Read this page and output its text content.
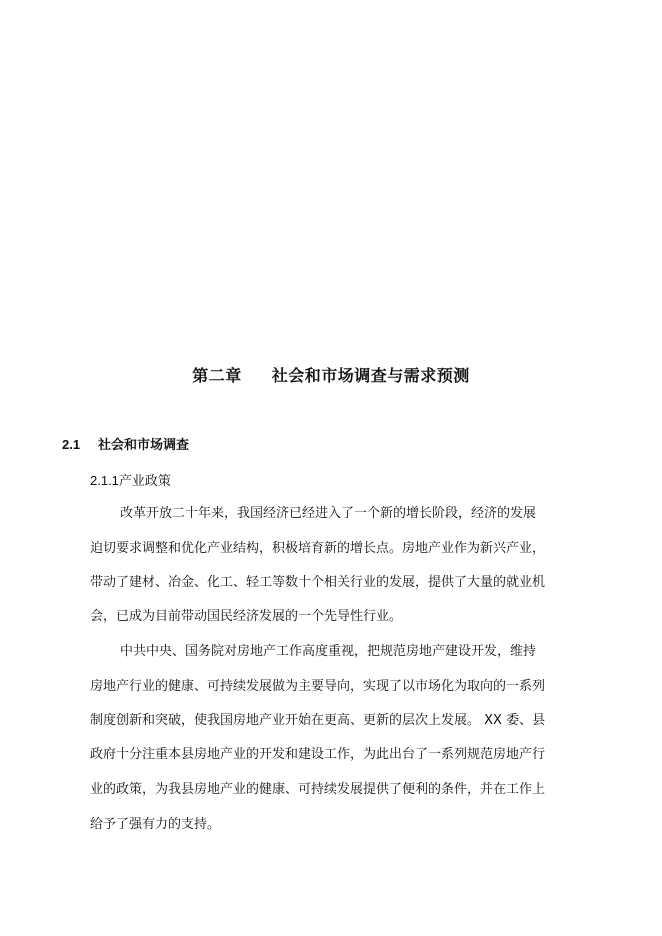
第二章 社会和市场调查与需求预测
2.1 社会和市场调查
2.1.1产业政策
改革开放二十年来，我国经济已经进入了一个新的增长阶段，经济的发展
迫切要求调整和优化产业结构，积极培育新的增长点。房地产业作为新兴产业，
带动了建材、冶金、化工、轻工等数十个相关行业的发展，提供了大量的就业机
会，已成为目前带动国民经济发展的一个先导性行业。
中共中央、国务院对房地产工作高度重视，把规范房地产建设开发，维持
房地产行业的健康、可持续发展做为主要导向，实现了以市场化为取向的一系列
制度创新和突破，使我国房地产业开始在更高、更新的层次上发展。 XX 委、县
政府十分注重本县房地产业的开发和建设工作，为此出台了一系列规范房地产行
业的政策，为我县房地产业的健康、可持续发展提供了便利的条件，并在工作上
给予了强有力的支持。
